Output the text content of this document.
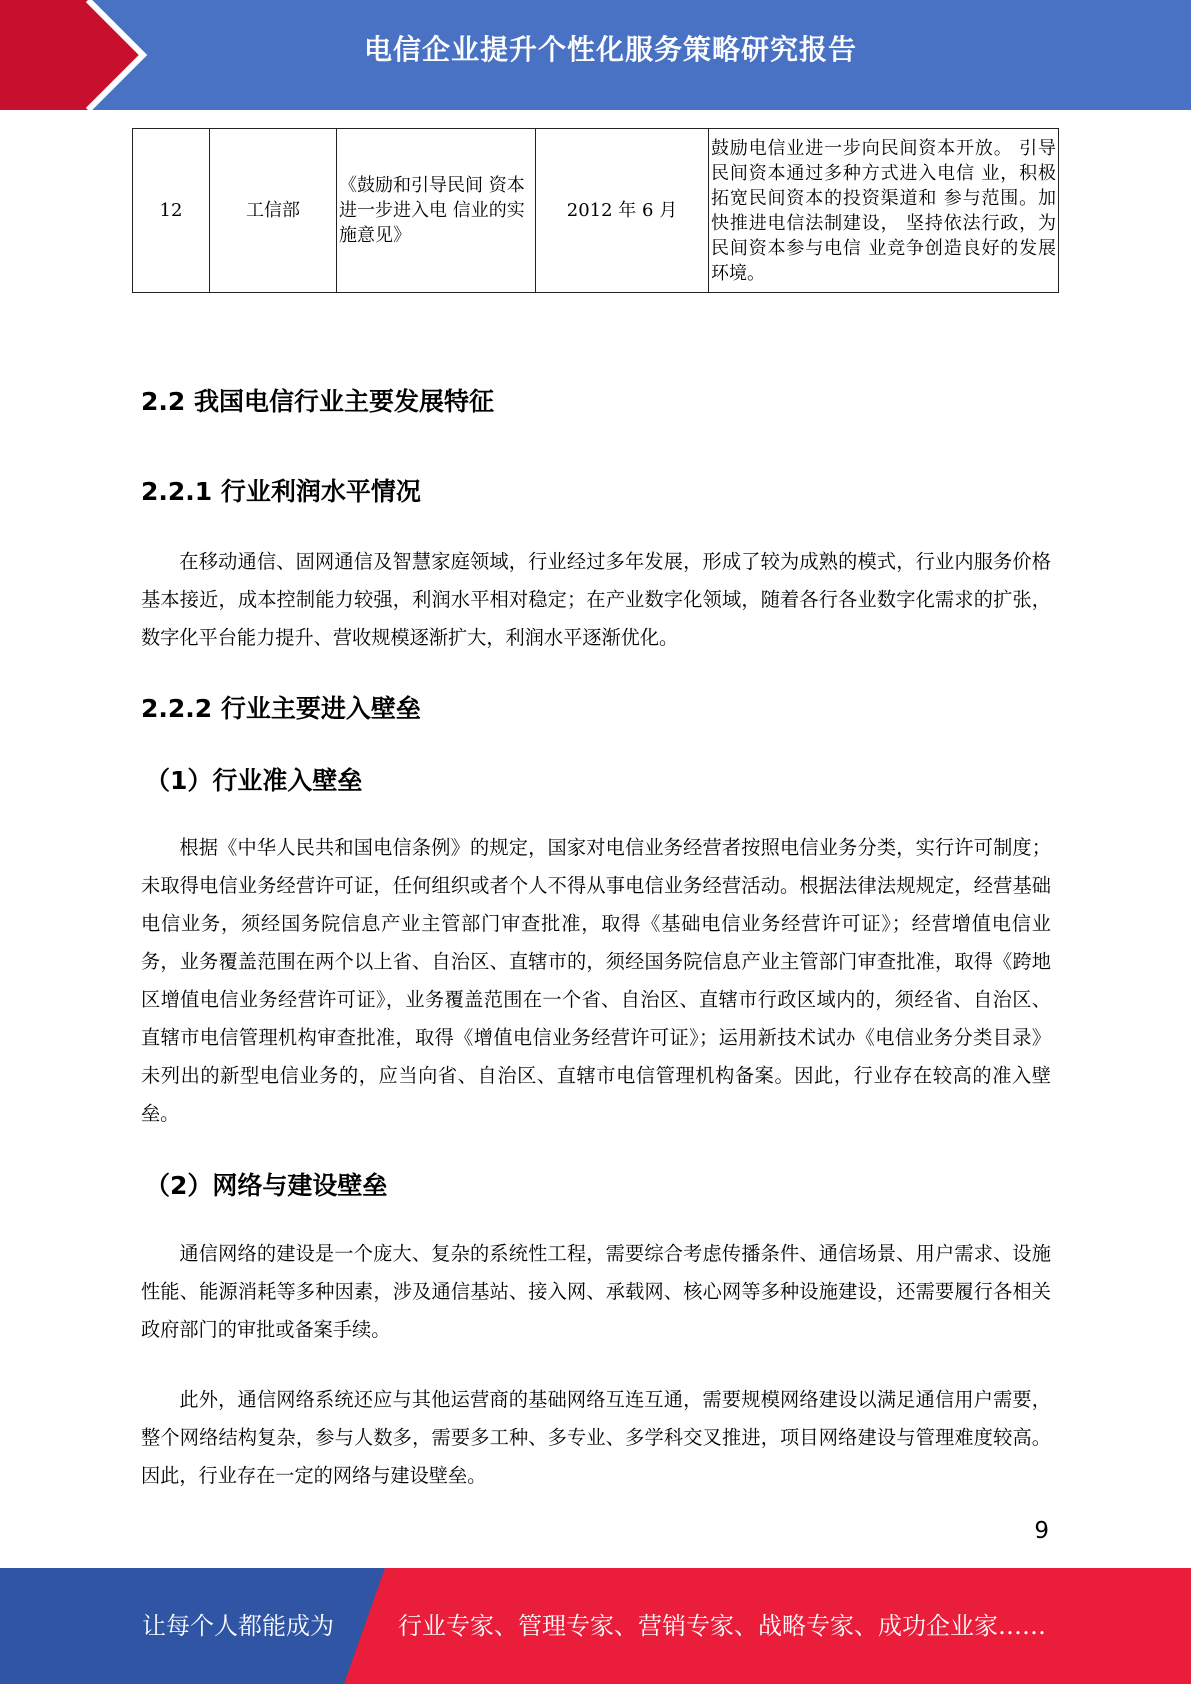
电信企业提升个性化服务策略研究报告
12	工信部	《鼓励和引导民间 资本进一步进入电 信业的实施意见》	2012 年 6 月	鼓励电信业进一步向民间资本开放。 引导民间资本通过多种方式进入电信 业，积极拓宽民间资本的投资渠道和 参与范围。加快推进电信法制建设， 坚持依法行政，为民间资本参与电信 业竞争创造良好的发展环境。
2.2 我国电信行业主要发展特征
2.2.1 行业利润水平情况

在移动通信、固网通信及智慧家庭领域，行业经过多年发展，形成了较为成熟的模式，行业内服务价格基本接近，成本控制能力较强，利润水平相对稳定；在产业数字化领域，随着各行各业数字化需求的扩张，数字化平台能力提升、营收规模逐渐扩大，利润水平逐渐优化。

2.2.2 行业主要进入壁垒
（1）行业准入壁垒

根据《中华人民共和国电信条例》的规定，国家对电信业务经营者按照电信业务分类，实行许可制度；未取得电信业务经营许可证，任何组织或者个人不得从事电信业务经营活动。根据法律法规规定，经营基础电信业务，须经国务院信息产业主管部门审查批准，取得《基础电信业务经营许可证》；经营增值电信业务，业务覆盖范围在两个以上省、自治区、直辖市的，须经国务院信息产业主管部门审查批准，取得《跨地区增值电信业务经营许可证》，业务覆盖范围在一个省、自治区、直辖市行政区域内的，须经省、自治区、直辖市电信管理机构审查批准，取得《增值电信业务经营许可证》；运用新技术试办《电信业务分类目录》未列出的新型电信业务的，应当向省、自治区、直辖市电信管理机构备案。因此，行业存在较高的准入壁垒。

（2）网络与建设壁垒

通信网络的建设是一个庞大、复杂的系统性工程，需要综合考虑传播条件、通信场景、用户需求、设施性能、能源消耗等多种因素，涉及通信基站、接入网、承载网、核心网等多种设施建设，还需要履行各相关政府部门的审批或备案手续。

此外，通信网络系统还应与其他运营商的基础网络互连互通，需要规模网络建设以满足通信用户需要，整个网络结构复杂，参与人数多，需要多工种、多专业、多学科交叉推进，项目网络建设与管理难度较高。因此，行业存在一定的网络与建设壁垒。

9
让每个人都能成为	行业专家、管理专家、营销专家、战略专家、成功企业家……
